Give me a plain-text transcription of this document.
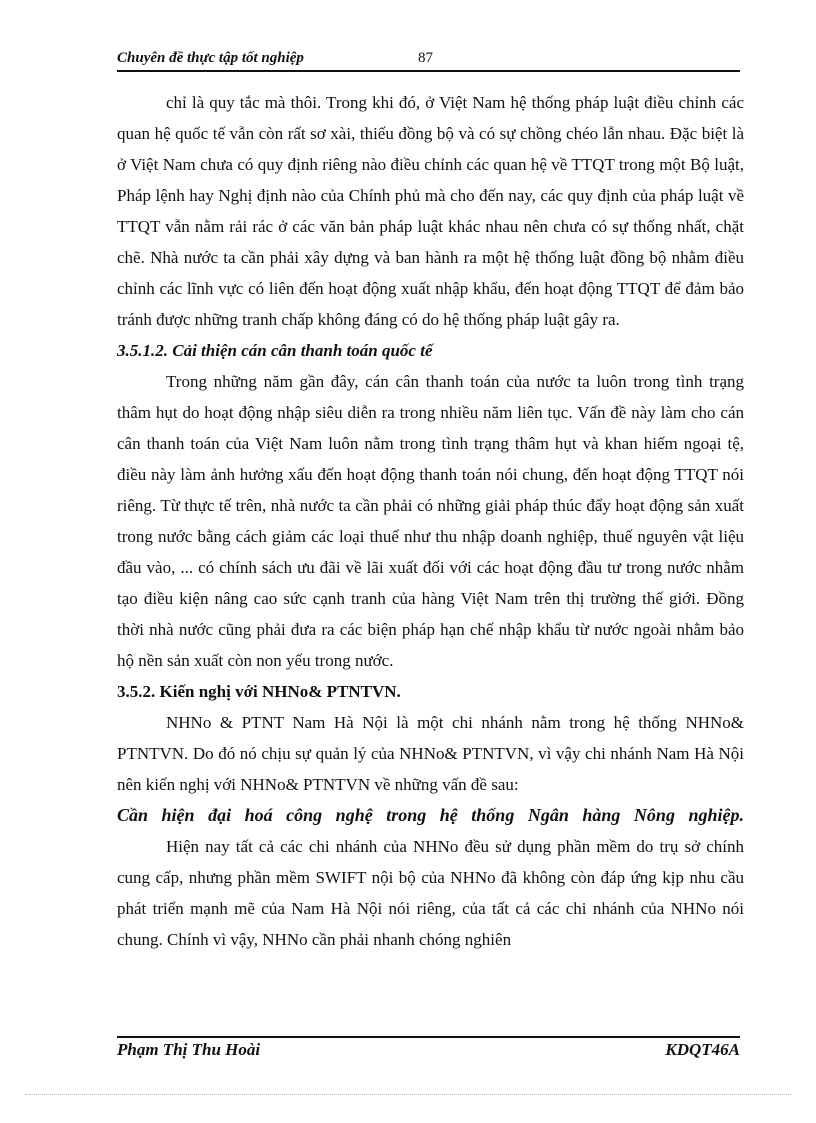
Chuyên đề thực tập tốt nghiệp	87

chỉ là quy tắc mà thôi. Trong khi đó, ở Việt Nam hệ thống pháp luật điều chỉnh các quan hệ quốc tế vẫn còn rất sơ xài, thiếu đồng bộ và có sự chồng chéo lẫn nhau. Đặc biệt là ở Việt Nam chưa có quy định riêng nào điều chỉnh các quan hệ về TTQT trong một Bộ luật, Pháp lệnh hay Nghị định nào của Chính phủ mà cho đến nay, các quy định của pháp luật về TTQT vẫn nằm rải rác ở các văn bản pháp luật khác nhau nên chưa có sự thống nhất, chặt chẽ. Nhà nước ta cần phải xây dựng và ban hành ra một hệ thống luật đồng bộ nhằm điều chỉnh các lĩnh vực có liên đến hoạt động xuất nhập khẩu, đến hoạt động TTQT để đảm bảo tránh được những tranh chấp không đáng có do hệ thống pháp luật gây ra.

3.5.1.2. Cải thiện cán cân thanh toán quốc tế

Trong những năm gần đây, cán cân thanh toán của nước ta luôn trong tình trạng thâm hụt do hoạt động nhập siêu diễn ra trong nhiều năm liên tục. Vấn đề này làm cho cán cân thanh toán của Việt Nam luôn nằm trong tình trạng thâm hụt và khan hiếm ngoại tệ, điều này làm ảnh hưởng xấu đến hoạt động thanh toán nói chung, đến hoạt động TTQT nói riêng. Từ thực tế trên, nhà nước ta cần phải có những giải pháp thúc đẩy hoạt động sản xuất trong nước bằng cách giảm các loại thuế như thu nhập doanh nghiệp, thuế nguyên vật liệu đầu vào, ... có chính sách ưu đãi về lãi xuất đối với các hoạt động đầu tư trong nước nhằm tạo điều kiện nâng cao sức cạnh tranh của hàng Việt Nam trên thị trường thế giới. Đồng thời nhà nước cũng phải đưa ra các biện pháp hạn chế nhập khẩu từ nước ngoài nhằm bảo hộ nền sản xuất còn non yếu trong nước.

3.5.2. Kiến nghị với NHNo& PTNTVN.

NHNo & PTNT Nam Hà Nội là một chi nhánh nằm trong hệ thống NHNo& PTNTVN. Do đó nó chịu sự quản lý của NHNo& PTNTVN, vì vậy chi nhánh Nam Hà Nội nên kiến nghị với NHNo& PTNTVN về những vấn đề sau:

Cần hiện đại hoá công nghệ trong hệ thống Ngân hàng Nông nghiệp.

Hiện nay tất cả các chi nhánh của NHNo đều sử dụng phần mềm do trụ sở chính cung cấp, nhưng phần mềm SWIFT nội bộ của NHNo đã không còn đáp ứng kịp nhu cầu phát triển mạnh mẽ của Nam Hà Nội nói riêng, của tất cả các chi nhánh của NHNo nói chung. Chính vì vậy, NHNo cần phải nhanh chóng nghiên

Phạm Thị Thu Hoài	KDQT46A
